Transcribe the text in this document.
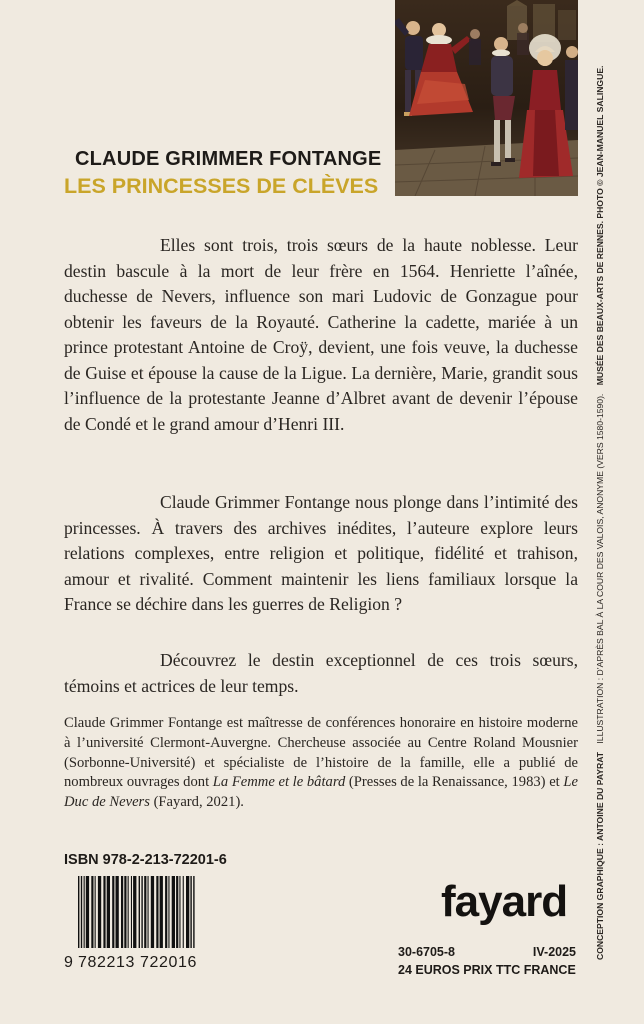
CLAUDE GRIMMER FONTANGE
LES PRINCESSES DE CLÈVES

Elles sont trois, trois sœurs de la haute noblesse. Leur destin bascule à la mort de leur frère en 1564. Henriette l’aînée, duchesse de Nevers, influence son mari Ludovic de Gonzague pour obtenir les faveurs de la Royauté. Catherine la cadette, mariée à un prince protestant Antoine de Croÿ, devient, une fois veuve, la duchesse de Guise et épouse la cause de la Ligue. La dernière, Marie, grandit sous l’influence de la protestante Jeanne d’Albret avant de devenir l’épouse de Condé et le grand amour d’Henri III.

Claude Grimmer Fontange nous plonge dans l’intimité des princesses. À travers des archives inédites, l’auteure explore leurs relations complexes, entre religion et politique, fidélité et trahison, amour et rivalité. Comment maintenir les liens familiaux lorsque la France se déchire dans les guerres de Religion ?

Découvrez le destin exceptionnel de ces trois sœurs, témoins et actrices de leur temps.

Claude Grimmer Fontange est maîtresse de conférences honoraire en histoire moderne à l’université Clermont-Auvergne. Chercheuse associée au Centre Roland Mousnier (Sorbonne-Université) et spécialiste de l’histoire de la famille, elle a publié de nombreux ouvrages dont La Femme et le bâtard (Presses de la Renaissance, 1983) et Le Duc de Nevers (Fayard, 2021).

ISBN 978-2-213-72201-6
9 782213 722016
fayard
30-6705-8	IV-2025
24 EUROS PRIX TTC FRANCE
CONCEPTION GRAPHIQUE : ANTOINE DU PAYRAT ILLUSTRATION : D’APRÈS BAL À LA COUR DES VALOIS, ANONYME (VERS 1580-1590). MUSÉE DES BEAUX-ARTS DE RENNES. PHOTO © JEAN-MANUEL SALINGUE.
